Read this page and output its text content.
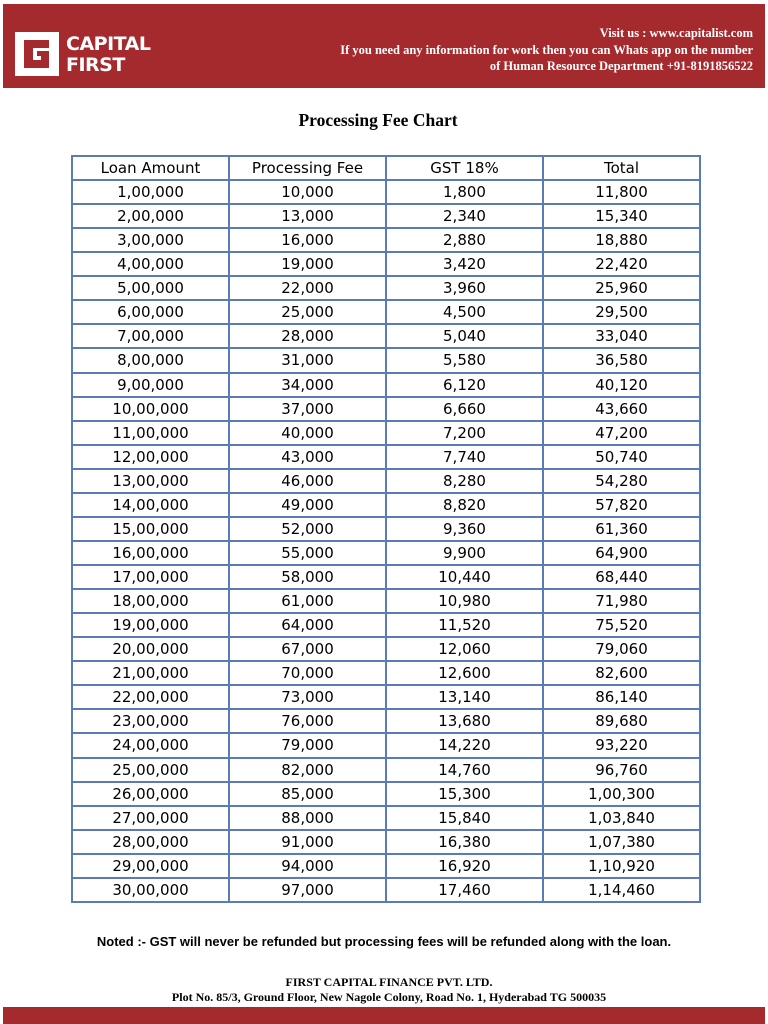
CAPITAL
FIRST
Visit us : www.capitalist.com
If you need any information for work then you can Whats app on the number
of Human Resource Department +91-8191856522
Processing Fee Chart
Loan Amount	Processing Fee	GST 18%	Total
1,00,000	10,000	1,800	11,800
2,00,000	13,000	2,340	15,340
3,00,000	16,000	2,880	18,880
4,00,000	19,000	3,420	22,420
5,00,000	22,000	3,960	25,960
6,00,000	25,000	4,500	29,500
7,00,000	28,000	5,040	33,040
8,00,000	31,000	5,580	36,580
9,00,000	34,000	6,120	40,120
10,00,000	37,000	6,660	43,660
11,00,000	40,000	7,200	47,200
12,00,000	43,000	7,740	50,740
13,00,000	46,000	8,280	54,280
14,00,000	49,000	8,820	57,820
15,00,000	52,000	9,360	61,360
16,00,000	55,000	9,900	64,900
17,00,000	58,000	10,440	68,440
18,00,000	61,000	10,980	71,980
19,00,000	64,000	11,520	75,520
20,00,000	67,000	12,060	79,060
21,00,000	70,000	12,600	82,600
22,00,000	73,000	13,140	86,140
23,00,000	76,000	13,680	89,680
24,00,000	79,000	14,220	93,220
25,00,000	82,000	14,760	96,760
26,00,000	85,000	15,300	1,00,300
27,00,000	88,000	15,840	1,03,840
28,00,000	91,000	16,380	1,07,380
29,00,000	94,000	16,920	1,10,920
30,00,000	97,000	17,460	1,14,460
Noted :- GST will never be refunded but processing fees will be refunded along with the loan.
FIRST CAPITAL FINANCE PVT. LTD.
Plot No. 85/3, Ground Floor, New Nagole Colony, Road No. 1, Hyderabad TG 500035
